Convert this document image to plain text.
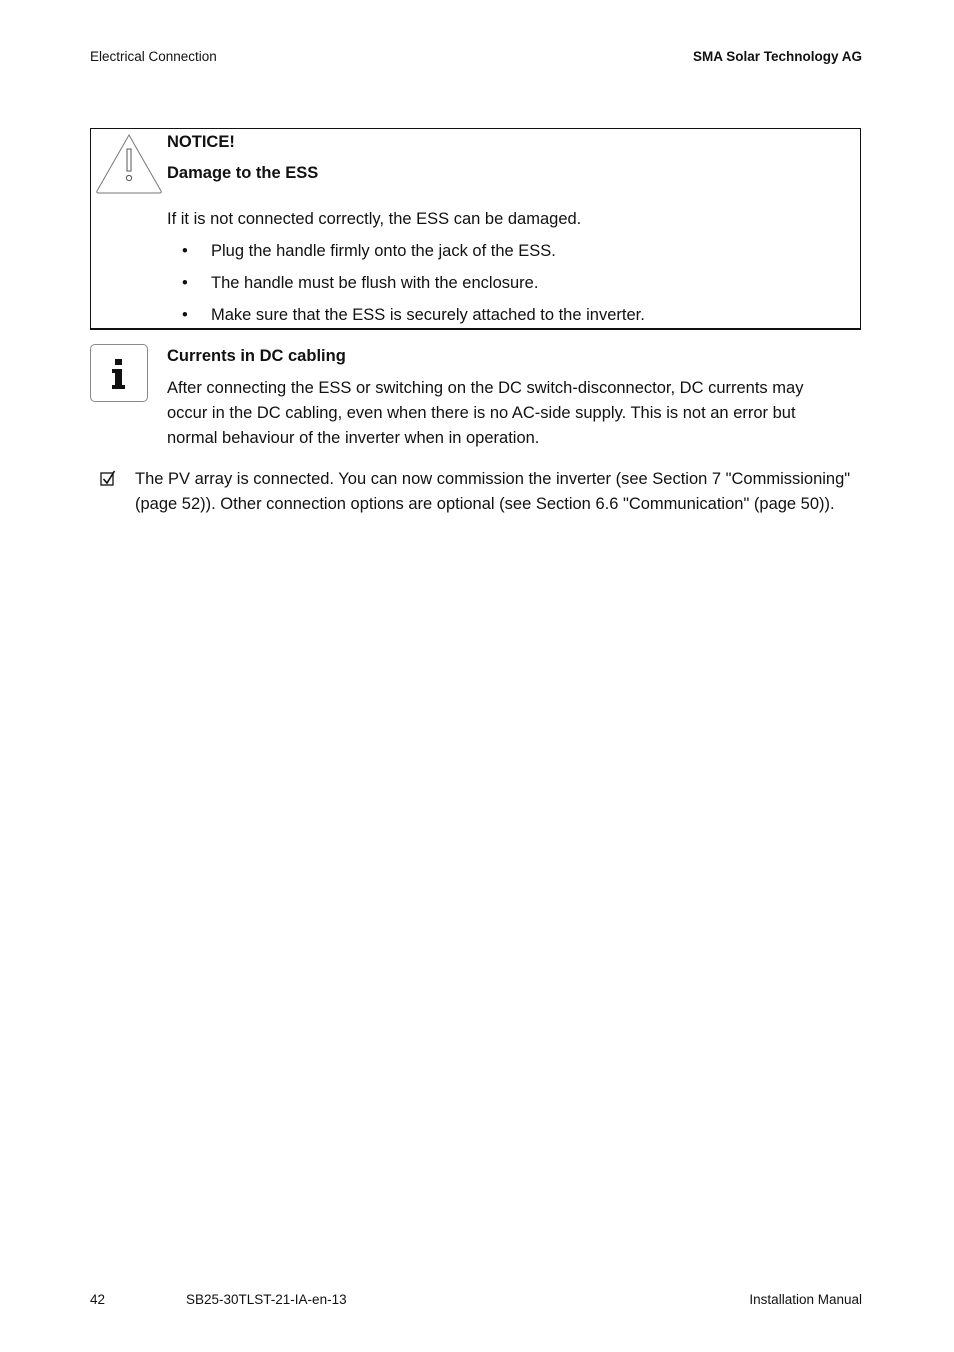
Electrical Connection	SMA Solar Technology AG
NOTICE!
Damage to the ESS
If it is not connected correctly, the ESS can be damaged.
• Plug the handle firmly onto the jack of the ESS.
• The handle must be flush with the enclosure.
• Make sure that the ESS is securely attached to the inverter.
Currents in DC cabling
After connecting the ESS or switching on the DC switch-disconnector, DC currents may
occur in the DC cabling, even when there is no AC-side supply. This is not an error but
normal behaviour of the inverter when in operation.
The PV array is connected. You can now commission the inverter (see Section 7 "Commissioning"
(page 52)). Other connection options are optional (see Section 6.6 "Communication" (page 50)).
42	SB25-30TLST-21-IA-en-13	Installation Manual
